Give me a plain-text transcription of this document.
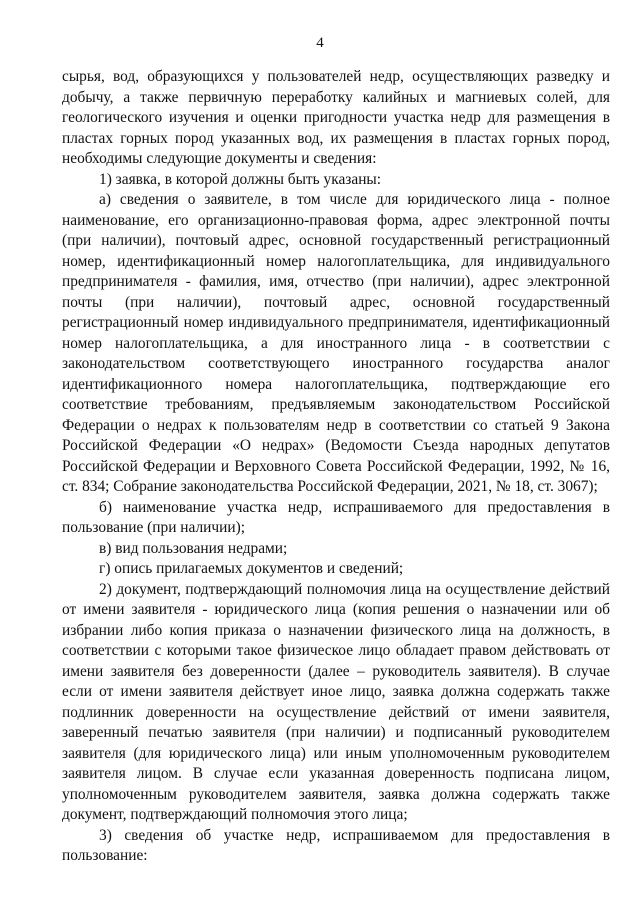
4

сырья, вод, образующихся у пользователей недр, осуществляющих разведку и добычу, а также первичную переработку калийных и магниевых солей, для геологического изучения и оценки пригодности участка недр для размещения в пластах горных пород указанных вод, их размещения в пластах горных пород, необходимы следующие документы и сведения:

1) заявка, в которой должны быть указаны:

а) сведения о заявителе, в том числе для юридического лица - полное наименование, его организационно-правовая форма, адрес электронной почты (при наличии), почтовый адрес, основной государственный регистрационный номер, идентификационный номер налогоплательщика, для индивидуального предпринимателя - фамилия, имя, отчество (при наличии), адрес электронной почты (при наличии), почтовый адрес, основной государственный регистрационный номер индивидуального предпринимателя, идентификационный номер налогоплательщика, а для иностранного лица - в соответствии с законодательством соответствующего иностранного государства аналог идентификационного номера налогоплательщика, подтверждающие его соответствие требованиям, предъявляемым законодательством Российской Федерации о недрах к пользователям недр в соответствии со статьей 9 Закона Российской Федерации «О недрах» (Ведомости Съезда народных депутатов Российской Федерации и Верховного Совета Российской Федерации, 1992, № 16, ст. 834; Собрание законодательства Российской Федерации, 2021, № 18, ст. 3067);

б) наименование участка недр, испрашиваемого для предоставления в пользование (при наличии);

в) вид пользования недрами;

г) опись прилагаемых документов и сведений;

2) документ, подтверждающий полномочия лица на осуществление действий от имени заявителя - юридического лица (копия решения о назначении или об избрании либо копия приказа о назначении физического лица на должность, в соответствии с которыми такое физическое лицо обладает правом действовать от имени заявителя без доверенности (далее – руководитель заявителя). В случае если от имени заявителя действует иное лицо, заявка должна содержать также подлинник доверенности на осуществление действий от имени заявителя, заверенный печатью заявителя (при наличии) и подписанный руководителем заявителя (для юридического лица) или иным уполномоченным руководителем заявителя лицом. В случае если указанная доверенность подписана лицом, уполномоченным руководителем заявителя, заявка должна содержать также документ, подтверждающий полномочия этого лица;

3) сведения об участке недр, испрашиваемом для предоставления в пользование:
